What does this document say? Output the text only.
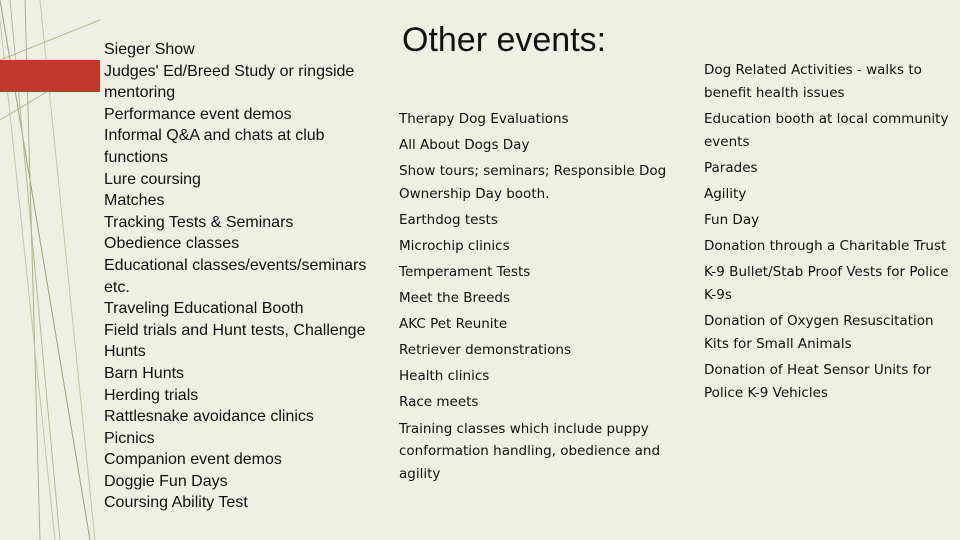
Other events:
Sieger Show
Judges' Ed/Breed Study or ringside
mentoring
Performance event demos
Informal Q&A and chats at club
functions
Lure coursing
Matches
Tracking Tests & Seminars
Obedience classes
Educational classes/events/seminars
etc.
Traveling Educational Booth
Field trials and Hunt tests, Challenge
Hunts
Barn Hunts
Herding trials
Rattlesnake avoidance clinics
Picnics
Companion event demos
Doggie Fun Days
Coursing Ability Test
Therapy Dog Evaluations
All About Dogs Day
Show tours; seminars; Responsible Dog Ownership Day booth.
Earthdog tests
Microchip clinics
Temperament Tests
Meet the Breeds
AKC Pet Reunite
Retriever demonstrations
Health clinics
Race meets
Training classes which include puppy conformation handling, obedience and agility
Dog Related Activities - walks to benefit health issues
Education booth at local community events
Parades
Agility
Fun Day
Donation through a Charitable Trust
K-9 Bullet/Stab Proof Vests for Police K-9s
Donation of Oxygen Resuscitation Kits for Small Animals
Donation of Heat Sensor Units for Police K-9 Vehicles
